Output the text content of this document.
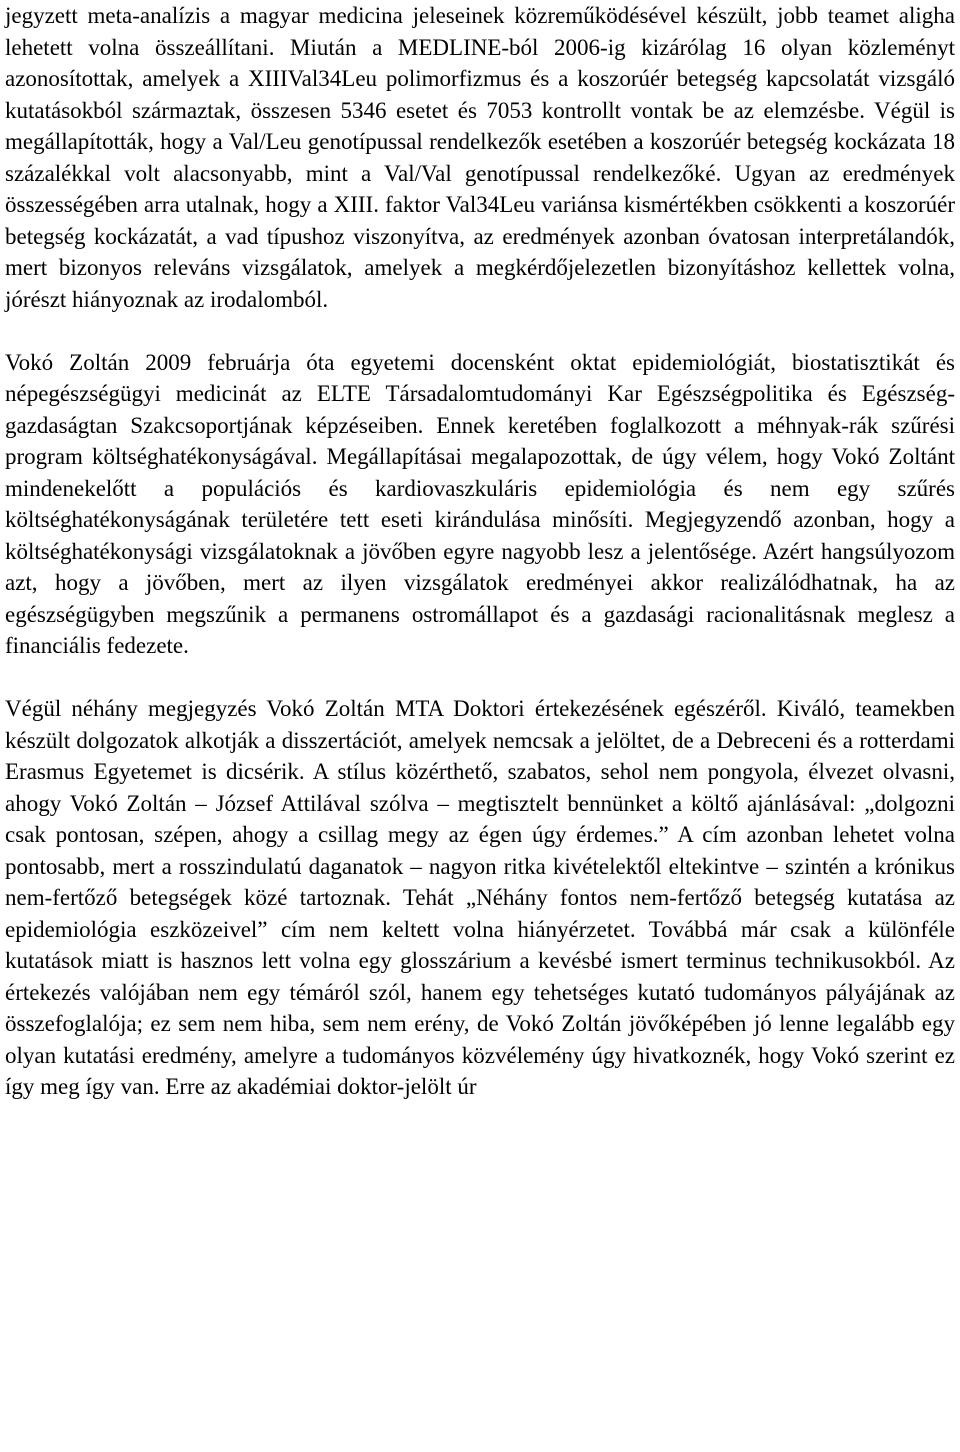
jegyzett meta-analízis a magyar medicina jeleseinek közreműködésével készült, jobb teamet aligha lehetett volna összeállítani. Miután a MEDLINE-ból 2006-ig kizárólag 16 olyan közleményt azonosítottak, amelyek a XIIIVal34Leu polimorfizmus és a koszorúér betegség kapcsolatát vizsgáló kutatásokból származtak, összesen 5346 esetet és 7053 kontrollt vontak be az elemzésbe. Végül is megállapították, hogy a Val/Leu genotípussal rendelkezők esetében a koszorúér betegség kockázata 18 százalékkal volt alacsonyabb, mint a Val/Val genotípussal rendelkezőké. Ugyan az eredmények összességében arra utalnak, hogy a XIII. faktor Val34Leu variánsa kismértékben csökkenti a koszorúér betegség kockázatát, a vad típushoz viszonyítva, az eredmények azonban óvatosan interpretálandók, mert bizonyos releváns vizsgálatok, amelyek a megkérdőjelezetlen bizonyításhoz kellettek volna, jórészt hiányoznak az irodalomból.

Vokó Zoltán 2009 februárja óta egyetemi docensként oktat epidemiológiát, biostatisztikát és népegészségügyi medicinát az ELTE Társadalomtudományi Kar Egészségpolitika és Egészség-gazdaságtan Szakcsoportjának képzéseiben. Ennek keretében foglalkozott a méhnyak-rák szűrési program költséghatékonyságával. Megállapításai megalapozottak, de úgy vélem, hogy Vokó Zoltánt mindenekelőtt a populációs és kardiovaszkuláris epidemiológia és nem egy szűrés költséghatékonyságának területére tett eseti kirándulása minősíti. Megjegyzendő azonban, hogy a költséghatékonysági vizsgálatoknak a jövőben egyre nagyobb lesz a jelentősége. Azért hangsúlyozom azt, hogy a jövőben, mert az ilyen vizsgálatok eredményei akkor realizálódhatnak, ha az egészségügyben megszűnik a permanens ostromállapot és a gazdasági racionalitásnak meglesz a financiális fedezete.

Végül néhány megjegyzés Vokó Zoltán MTA Doktori értekezésének egészéről. Kiváló, teamekben készült dolgozatok alkotják a disszertációt, amelyek nemcsak a jelöltet, de a Debreceni és a rotterdami Erasmus Egyetemet is dicsérik. A stílus közérthető, szabatos, sehol nem pongyola, élvezet olvasni, ahogy Vokó Zoltán – József Attilával szólva – megtisztelt bennünket a költő ajánlásával: „dolgozni csak pontosan, szépen, ahogy a csillag megy az égen úgy érdemes.” A cím azonban lehetet volna pontosabb, mert a rosszindulatú daganatok – nagyon ritka kivételektől eltekintve – szintén a krónikus nem-fertőző betegségek közé tartoznak. Tehát „Néhány fontos nem-fertőző betegség kutatása az epidemiológia eszközeivel” cím nem keltett volna hiányérzetet. Továbbá már csak a különféle kutatások miatt is hasznos lett volna egy glosszárium a kevésbé ismert terminus technikusokból. Az értekezés valójában nem egy témáról szól, hanem egy tehetséges kutató tudományos pályájának az összefoglalója; ez sem nem hiba, sem nem erény, de Vokó Zoltán jövőképében jó lenne legalább egy olyan kutatási eredmény, amelyre a tudományos közvélemény úgy hivatkoznék, hogy Vokó szerint ez így meg így van. Erre az akadémiai doktor-jelölt úr
